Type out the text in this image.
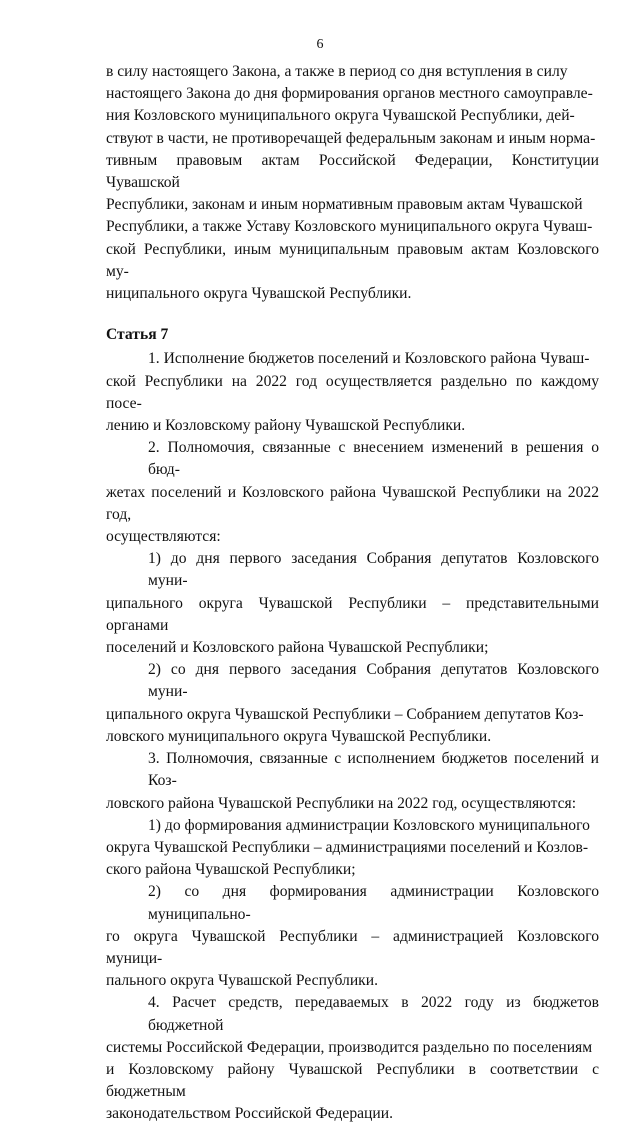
6

в силу настоящего Закона, а также в период со дня вступления в силу
настоящего Закона до дня формирования органов местного самоуправле-
ния Козловского муниципального округа Чувашской Республики, дей-
ствуют в части, не противоречащей федеральным законам и иным норма-
тивным правовым актам Российской Федерации, Конституции Чувашской
Республики, законам и иным нормативным правовым актам Чувашской
Республики, а также Уставу Козловского муниципального округа Чуваш-
ской Республики, иным муниципальным правовым актам Козловского му-
ниципального округа Чувашской Республики.

Статья 7

1. Исполнение бюджетов поселений и Козловского района Чуваш-
ской Республики на 2022 год осуществляется раздельно по каждому посе-
лению и Козловскому району Чувашской Республики.

2. Полномочия, связанные с внесением изменений в решения о бюд-
жетах поселений и Козловского района Чувашской Республики на 2022 год,
осуществляются:

1) до дня первого заседания Собрания депутатов Козловского муни-
ципального округа Чувашской Республики – представительными органами
поселений и Козловского района Чувашской Республики;

2) со дня первого заседания Собрания депутатов Козловского муни-
ципального округа Чувашской Республики – Собранием депутатов Коз-
ловского муниципального округа Чувашской Республики.

3. Полномочия, связанные с исполнением бюджетов поселений и Коз-
ловского района Чувашской Республики на 2022 год, осуществляются:

1) до формирования администрации Козловского муниципального
округа Чувашской Республики – администрациями поселений и Козлов-
ского района Чувашской Республики;

2) со дня формирования администрации Козловского муниципально-
го округа Чувашской Республики – администрацией Козловского муници-
пального округа Чувашской Республики.

4. Расчет средств, передаваемых в 2022 году из бюджетов бюджетной
системы Российской Федерации, производится раздельно по поселениям
и Козловскому району Чувашской Республики в соответствии с бюджетным
законодательством Российской Федерации.
